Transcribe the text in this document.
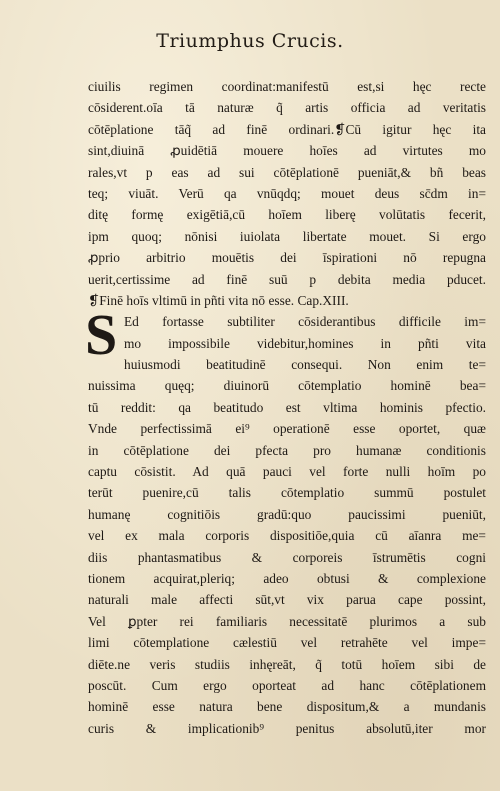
Triumphus Crucis.
S
ciuilis regimen coordinat:manifestū est,si hęc recte
cōsiderent.oīa tā naturæ q̃ artis officia ad veritatis
cōtēplatione tāq̃ ad finē ordinari.❡Cū igitur hęc ita
sint,diuinā ꝓuidētiā mouere hoīes ad virtutes mo
rales,vt p eas ad sui cōtēplationē pueniāt,& bñ beas
teq; viuāt. Verū qa vnūqdq; mouet deus sc̄dm in=
ditę formę exigētiā,cū hoīem liberę volūtatis fecerit,
ipm quoq; nōnisi iuiolata libertate mouet. Si ergo
ꝓprio arbitrio mouētis dei īspirationi nō repugna
uerit,certissime ad finē suū p debita media pducet.
❡Finē hoīs vltimū in pñti vita nō esse. Cap.XIII.
Ed fortasse subtiliter cōsiderantibus difficile im=
mo impossibile videbitur,homines in pñti vita
huiusmodi beatitudinē consequi. Non enim te=
nuissima quęq; diuinorū cōtemplatio hominē bea=
tū reddit: qa beatitudo est vltima hominis pfectio.
Vnde perfectissimā ei⁹ operationē esse oportet, quæ
in cōtēplatione dei pfecta pro humanæ conditionis
captu cōsistit. Ad quā pauci vel forte nulli hoīm po
terūt puenire,cū talis cōtemplatio summū postulet
humanę cognitiōis gradū:quo paucissimi pueniūt,
vel ex mala corporis dispositiōe,quia cū aīanra me=
diis phantasmatibus & corporeis īstrumētis cogni
tionem acquirat,pleriq; adeo obtusi & complexione
naturali male affecti sūt,vt vix parua cape possint,
Vel ꝑpter rei familiaris necessitatē plurimos a sub
limi cōtemplatione cælestiū vel retrahēte vel impe=
diēte.ne veris studiis inhęreāt, q̃ totū hoīem sibi de
poscūt. Cum ergo oporteat ad hanc cōtēplationem
hominē esse natura bene dispositum,& a mundanis
curis & implicationib⁹ penitus absolutū,iter mor
